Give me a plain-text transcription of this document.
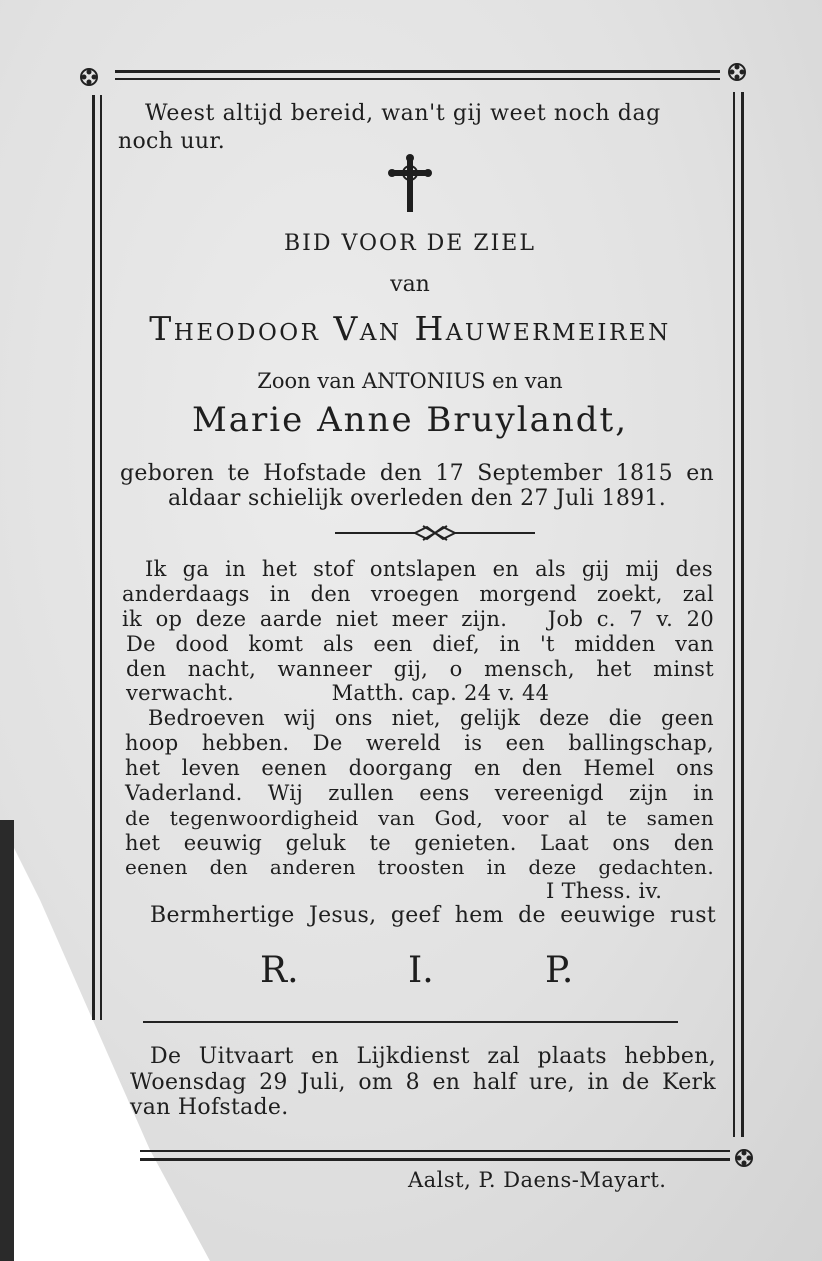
Weest altijd bereid, wan't gij weet noch dag
noch uur.
BID VOOR DE ZIEL
van
Theodoor Van Hauwermeiren
Zoon van ANTONIUS en van
Marie Anne Bruylandt,
geboren te Hofstade den 17 September 1815 en
aldaar schielijk overleden den 27 Juli 1891.
Ik ga in het stof ontslapen en als gij mij des
anderdaags in den vroegen morgend zoekt, zal
ik op deze aarde niet meer zijn.   Job c. 7 v. 20
De dood komt als een dief, in 't midden van
den nacht, wanneer gij, o mensch, het minst
verwacht.              Matth. cap. 24 v. 44
Bedroeven wij ons niet, gelijk deze die geen
hoop hebben. De wereld is een ballingschap,
het leven eenen doorgang en den Hemel ons
Vaderland. Wij zullen eens vereenigd zijn in
de tegenwoordigheid van God, voor al te samen
het eeuwig geluk te genieten. Laat ons den
eenen den anderen troosten in deze gedachten.
I Thess. iv.
Bermhertige Jesus, geef hem de eeuwige rust
R.	I.	P.
De Uitvaart en Lijkdienst zal plaats hebben,
Woensdag 29 Juli, om 8 en half ure, in de Kerk
van Hofstade.
Aalst, P. Daens-Mayart.
